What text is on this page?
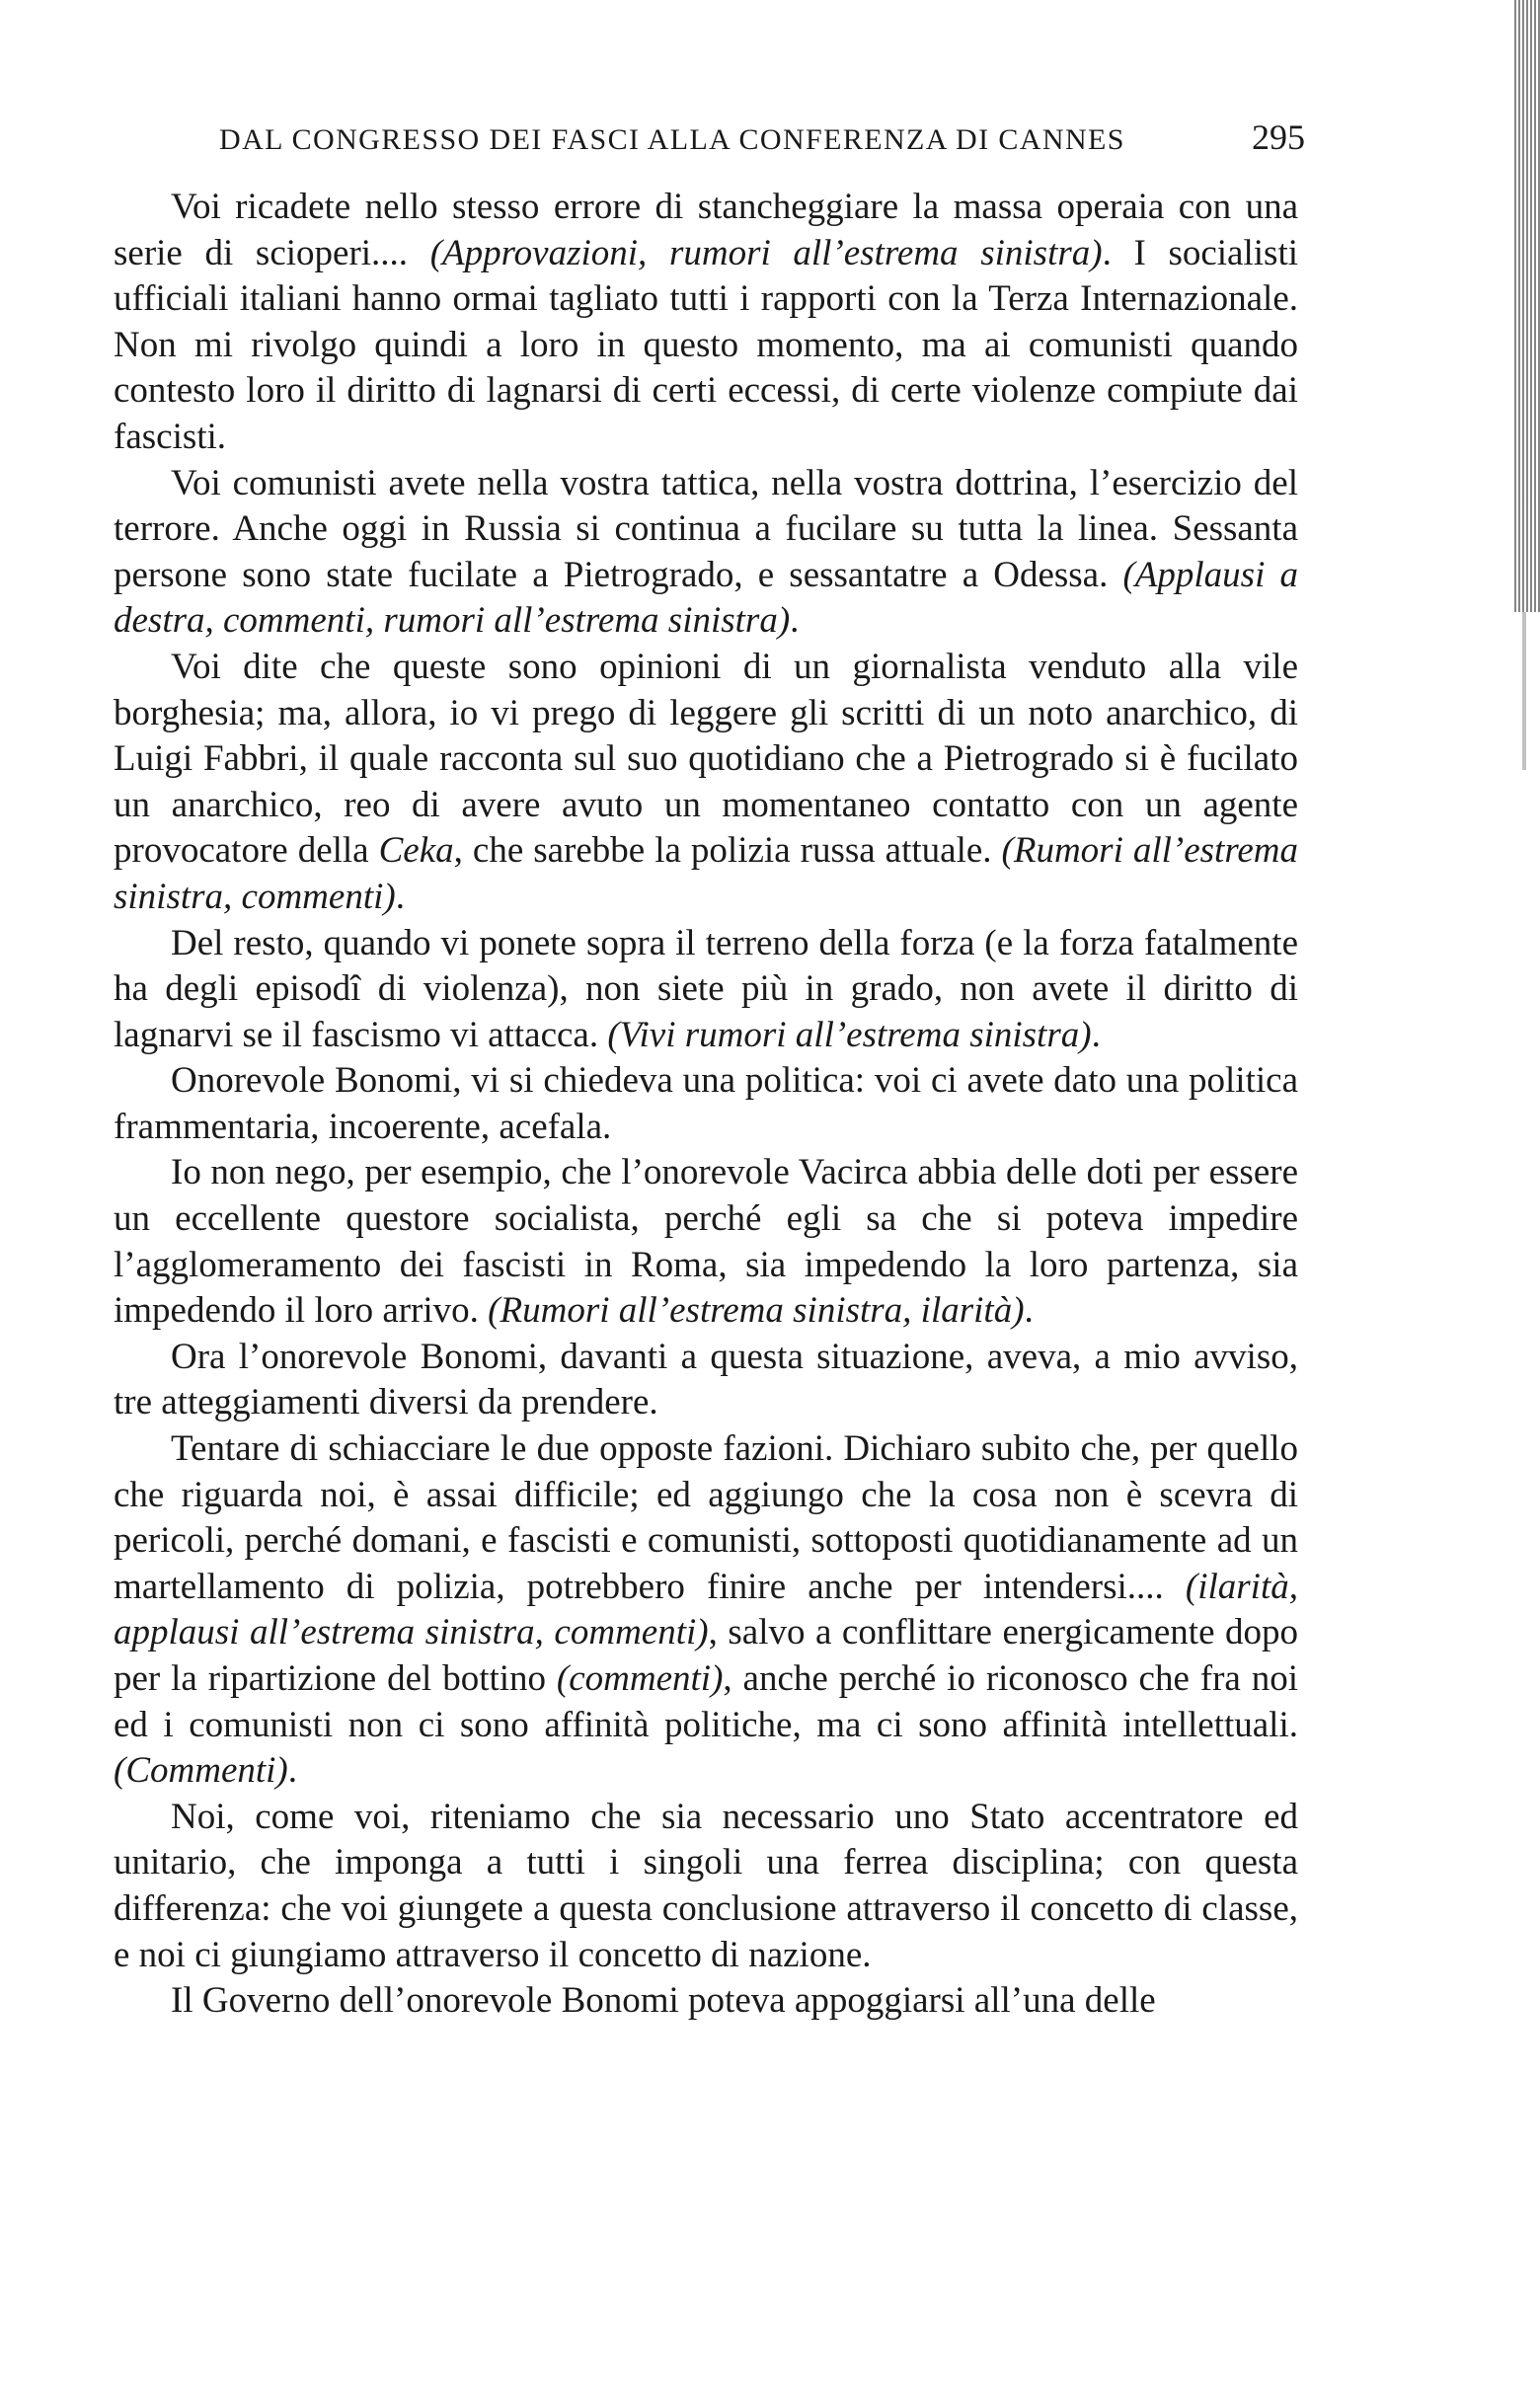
DAL CONGRESSO DEI FASCI ALLA CONFERENZA DI CANNES	295

Voi ricadete nello stesso errore di stancheggiare la massa operaia con una serie di scioperi.... (Approvazioni, rumori all’estrema sinistra). I socialisti ufficiali italiani hanno ormai tagliato tutti i rapporti con la Terza Internazionale. Non mi rivolgo quindi a loro in questo momento, ma ai comunisti quando contesto loro il diritto di lagnarsi di certi eccessi, di certe violenze compiute dai fascisti.

Voi comunisti avete nella vostra tattica, nella vostra dottrina, l’esercizio del terrore. Anche oggi in Russia si continua a fucilare su tutta la linea. Sessanta persone sono state fucilate a Pietrogrado, e sessantatre a Odessa. (Applausi a destra, commenti, rumori all’estrema sinistra).

Voi dite che queste sono opinioni di un giornalista venduto alla vile borghesia; ma, allora, io vi prego di leggere gli scritti di un noto anarchico, di Luigi Fabbri, il quale racconta sul suo quotidiano che a Pietrogrado si è fucilato un anarchico, reo di avere avuto un momentaneo contatto con un agente provocatore della Ceka, che sarebbe la polizia russa attuale. (Rumori all’estrema sinistra, commenti).

Del resto, quando vi ponete sopra il terreno della forza (e la forza fatalmente ha degli episodî di violenza), non siete più in grado, non avete il diritto di lagnarvi se il fascismo vi attacca. (Vivi rumori all’estrema sinistra).

Onorevole Bonomi, vi si chiedeva una politica: voi ci avete dato una politica frammentaria, incoerente, acefala.

Io non nego, per esempio, che l’onorevole Vacirca abbia delle doti per essere un eccellente questore socialista, perché egli sa che si poteva impedire l’agglomeramento dei fascisti in Roma, sia impedendo la loro partenza, sia impedendo il loro arrivo. (Rumori all’estrema sinistra, ilarità).

Ora l’onorevole Bonomi, davanti a questa situazione, aveva, a mio avviso, tre atteggiamenti diversi da prendere.

Tentare di schiacciare le due opposte fazioni. Dichiaro subito che, per quello che riguarda noi, è assai difficile; ed aggiungo che la cosa non è scevra di pericoli, perché domani, e fascisti e comunisti, sottoposti quotidianamente ad un martellamento di polizia, potrebbero finire anche per intendersi.... (ilarità, applausi all’estrema sinistra, commenti), salvo a conflittare energicamente dopo per la ripartizione del bottino (commenti), anche perché io riconosco che fra noi ed i comunisti non ci sono affinità politiche, ma ci sono affinità intellettuali. (Commenti).

Noi, come voi, riteniamo che sia necessario uno Stato accentratore ed unitario, che imponga a tutti i singoli una ferrea disciplina; con questa differenza: che voi giungete a questa conclusione attraverso il concetto di classe, e noi ci giungiamo attraverso il concetto di nazione.

Il Governo dell’onorevole Bonomi poteva appoggiarsi all’una delle
